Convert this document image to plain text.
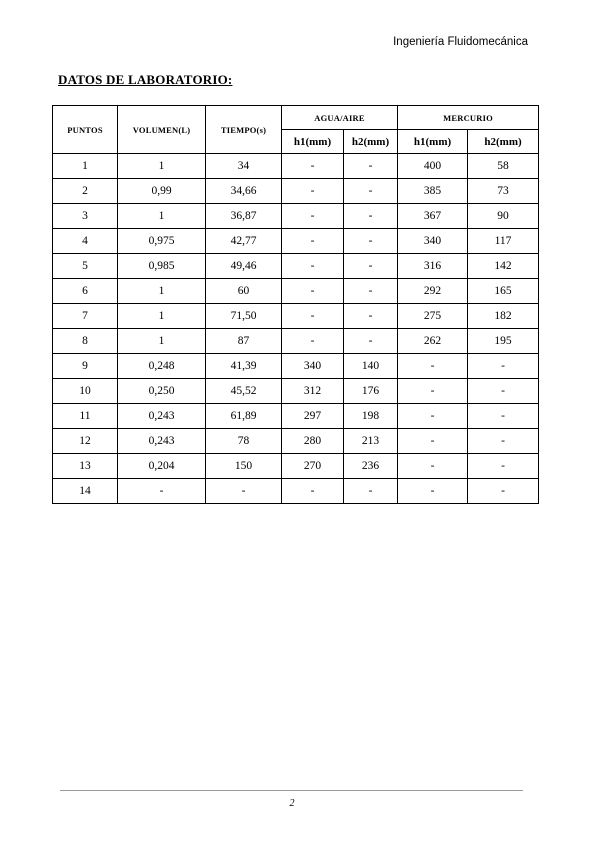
Ingeniería Fluidomecánica
DATOS DE LABORATORIO:
PUNTOS	VOLUMEN(L)	TIEMPO(s)	AGUA/AIRE		MERCURIO	
			h1(mm)	h2(mm)	h1(mm)	h2(mm)
1	1	34	-	-	400	58
2	0,99	34,66	-	-	385	73
3	1	36,87	-	-	367	90
4	0,975	42,77	-	-	340	117
5	0,985	49,46	-	-	316	142
6	1	60	-	-	292	165
7	1	71,50	-	-	275	182
8	1	87	-	-	262	195
9	0,248	41,39	340	140	-	-
10	0,250	45,52	312	176	-	-
11	0,243	61,89	297	198	-	-
12	0,243	78	280	213	-	-
13	0,204	150	270	236	-	-
14	-	-	-	-	-	-
2
